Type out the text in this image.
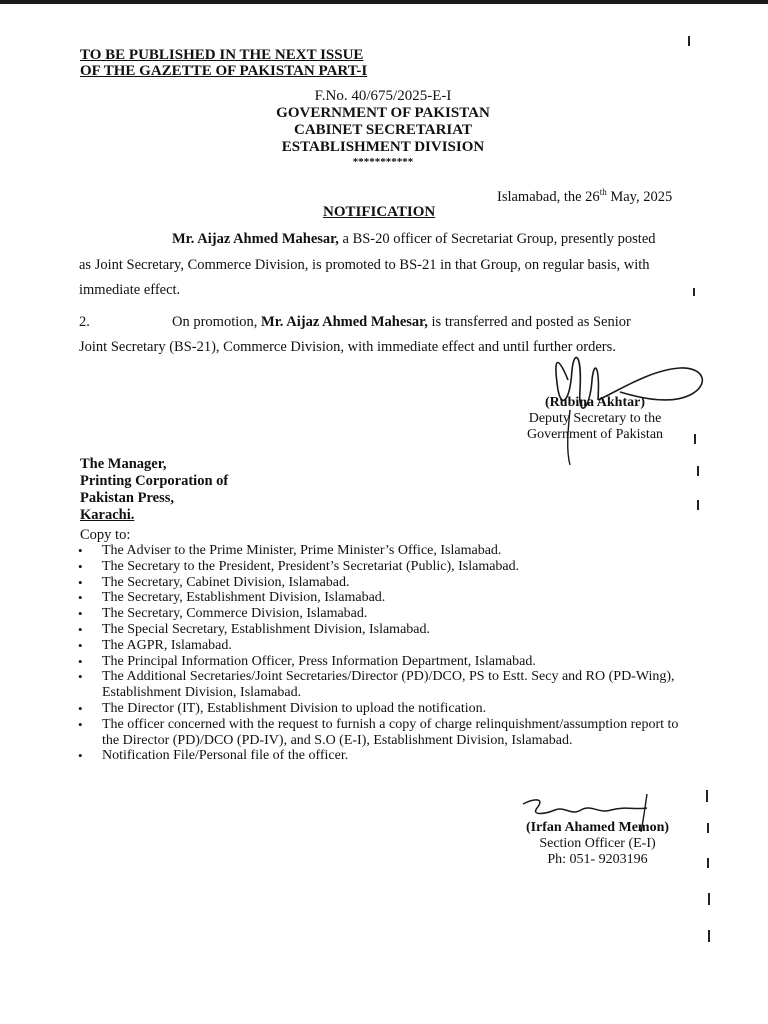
TO BE PUBLISHED IN THE NEXT ISSUE
OF THE GAZETTE OF PAKISTAN PART-I
F.No. 40/675/2025-E-I
GOVERNMENT OF PAKISTAN
CABINET SECRETARIAT
ESTABLISHMENT DIVISION
***********
Islamabad, the 26th May, 2025
NOTIFICATION
Mr. Aijaz Ahmed Mahesar, a BS-20 officer of Secretariat Group, presently posted
as Joint Secretary, Commerce Division, is promoted to BS-21 in that Group, on regular basis, with
immediate effect.
2.	On promotion, Mr. Aijaz Ahmed Mahesar, is transferred and posted as Senior
Joint Secretary (BS-21), Commerce Division, with immediate effect and until further orders.
(Rubina Akhtar)
Deputy Secretary to the
Government of Pakistan
The Manager,
Printing Corporation of
Pakistan Press,
Karachi.
Copy to:
• The Adviser to the Prime Minister, Prime Minister’s Office, Islamabad.
• The Secretary to the President, President’s Secretariat (Public), Islamabad.
• The Secretary, Cabinet Division, Islamabad.
• The Secretary, Establishment Division, Islamabad.
• The Secretary, Commerce Division, Islamabad.
• The Special Secretary, Establishment Division, Islamabad.
• The AGPR, Islamabad.
• The Principal Information Officer, Press Information Department, Islamabad.
• The Additional Secretaries/Joint Secretaries/Director (PD)/DCO, PS to Estt. Secy and RO (PD-Wing), Establishment Division, Islamabad.
• The Director (IT), Establishment Division to upload the notification.
• The officer concerned with the request to furnish a copy of charge relinquishment/assumption report to the Director (PD)/DCO (PD-IV), and S.O (E-I), Establishment Division, Islamabad.
• Notification File/Personal file of the officer.
(Irfan Ahamed Memon)
Section Officer (E-I)
Ph: 051- 9203196
